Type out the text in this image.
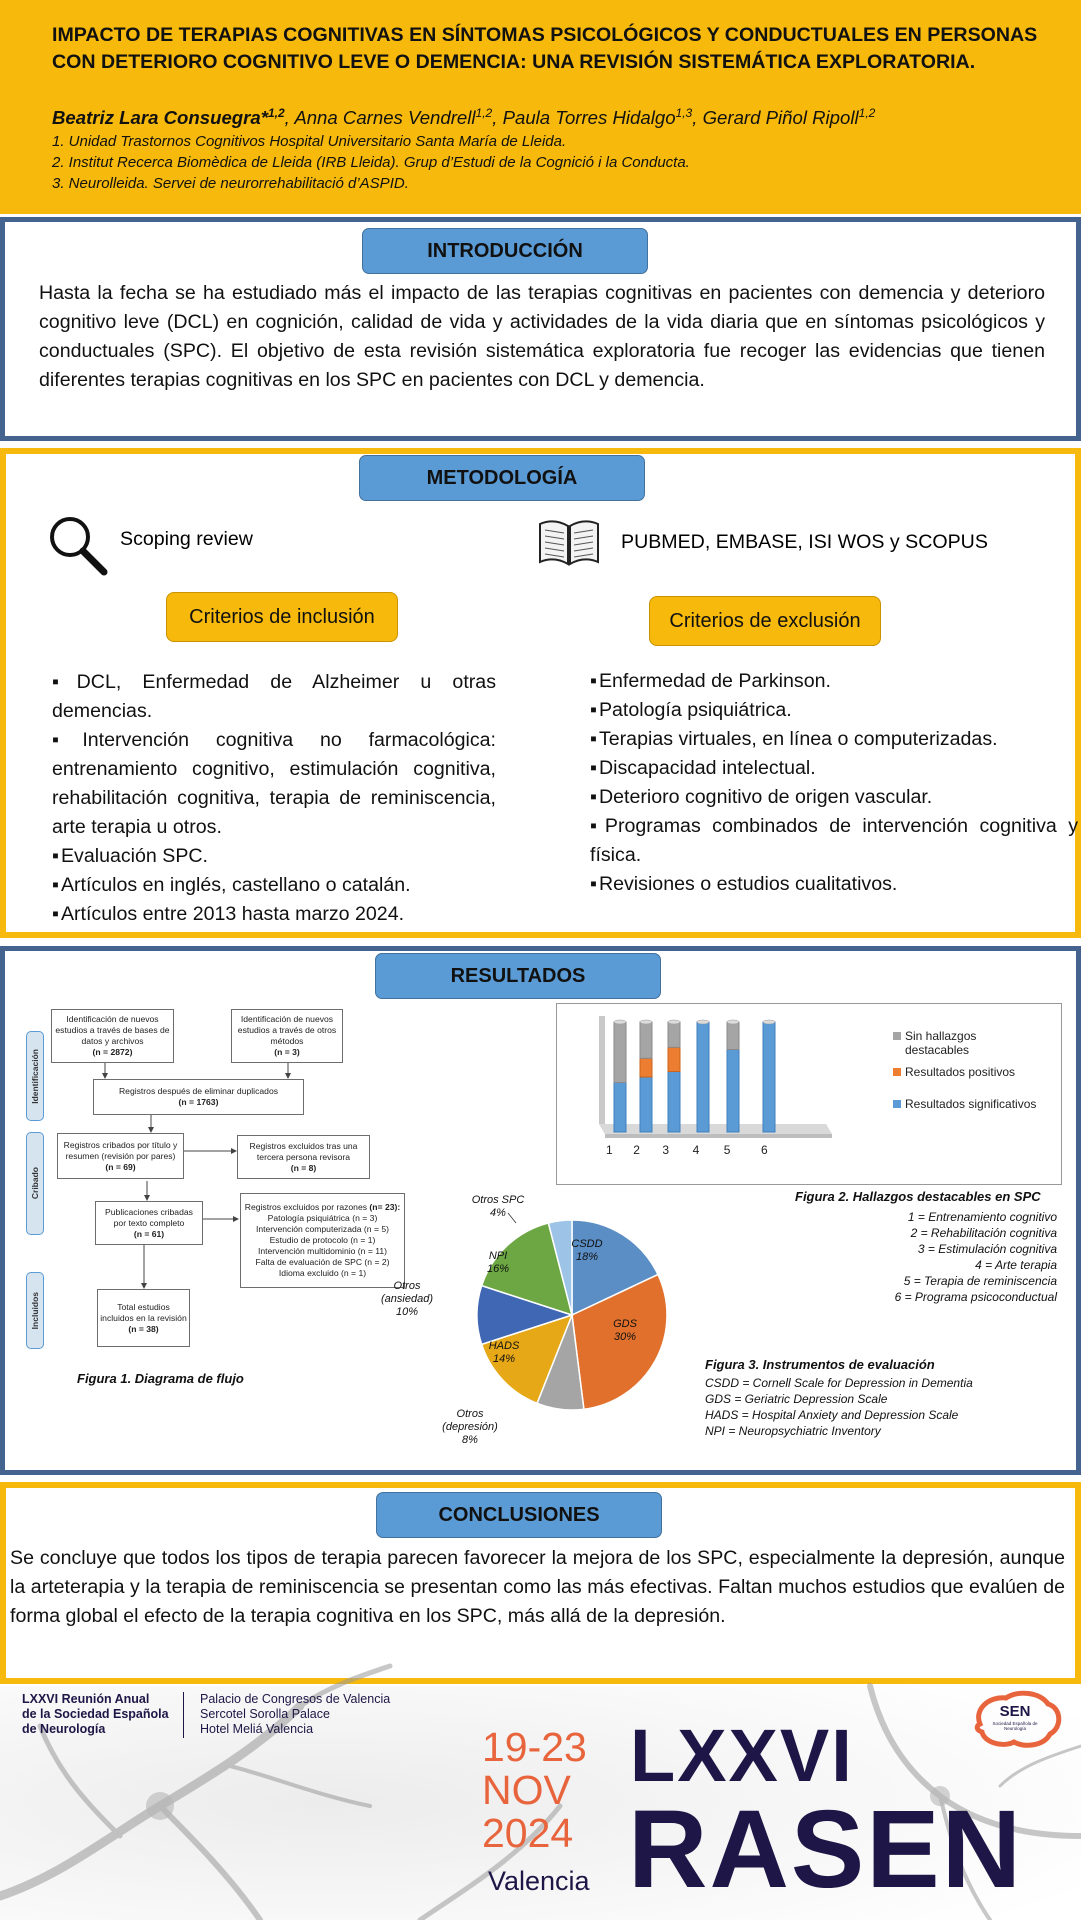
IMPACTO DE TERAPIAS COGNITIVAS EN SÍNTOMAS PSICOLÓGICOS Y CONDUCTUALES EN PERSONAS CON DETERIORO COGNITIVO LEVE O DEMENCIA: UNA REVISIÓN SISTEMÁTICA EXPLORATORIA.
Beatriz Lara Consuegra*$^{1,2}$, Anna Carnes Vendrell$^{1,2}$, Paula Torres Hidalgo$^{1,3}$, Gerard Piñol Ripoll$^{1,2}$
1. Unidad Trastornos Cognitivos Hospital Universitario Santa María de Lleida.
2. Institut Recerca Biomèdica de Lleida (IRB Lleida). Grup d’Estudi de la Cognició i la Conducta.
3. Neurolleida. Servei de neurorrehabilitació d’ASPID.
INTRODUCCIÓN
Hasta la fecha se ha estudiado más el impacto de las terapias cognitivas en pacientes con demencia y deterioro cognitivo leve (DCL) en cognición, calidad de vida y actividades de la vida diaria que en síntomas psicológicos y conductuales (SPC). El objetivo de esta revisión sistemática exploratoria fue recoger las evidencias que tienen diferentes terapias cognitivas en los SPC en pacientes con DCL y demencia.
METODOLOGÍA
Scoping review	PUBMED, EMBASE, ISI WOS y SCOPUS
Criterios de inclusión	Criterios de exclusión
▪ DCL, Enfermedad de Alzheimer u otras demencias.
▪ Intervención cognitiva no farmacológica: entrenamiento cognitivo, estimulación cognitiva, rehabilitación cognitiva, terapia de reminiscencia, arte terapia u otros.
▪ Evaluación SPC.
▪ Artículos en inglés, castellano o catalán.
▪ Artículos entre 2013 hasta marzo 2024.
▪ Enfermedad de Parkinson.
▪ Patología psiquiátrica.
▪ Terapias virtuales, en línea o computerizadas.
▪ Discapacidad intelectual.
▪ Deterioro cognitivo de origen vascular.
▪ Programas combinados de intervención cognitiva y física.
▪ Revisiones o estudios cualitativos.
RESULTADOS
Identificación
Cribado
Incluidos
Identificación de nuevos estudios a través de bases de datos y archivos
(n = 2872)
Identificación de nuevos estudios a través de otros métodos
(n = 3)
Registros después de eliminar duplicados
(n = 1763)
Registros cribados por título y resumen (revisión por pares)
(n = 69)
Registros excluidos tras una tercera persona revisora
(n = 8)
Publicaciones cribadas por texto completo
(n = 61)
Registros excluidos por razones (n= 23):
Patología psiquiátrica (n = 3)
Intervención computerizada (n = 5)
Estudio de protocolo (n = 1)
Intervención multidominio (n = 11)
Falta de evaluación de SPC (n = 2)
Idioma excluido (n = 1)
Total estudios incluidos en la revisión
(n = 38)
Figura 1. Diagrama de flujo
1 2 3 4 5	6
Sin hallazgos
destacables
Resultados positivos
Resultados significativos
Figura 2. Hallazgos destacables en SPC
1 = Entrenamiento cognitivo
2 = Rehabilitación cognitiva
3 = Estimulación cognitiva
4 = Arte terapia
5 = Terapia de reminiscencia
6 = Programa psicoconductual
CSDD
18%
GDS
30%
Otros
(depresión)
8%
HADS
14%
Otros
(ansiedad)
10%
NPI
16%
Otros SPC
4%
Figura 3. Instrumentos de evaluación
CSDD = Cornell Scale for Depression in Dementia
GDS = Geriatric Depression Scale
HADS = Hospital Anxiety and Depression Scale
NPI = Neuropsychiatric Inventory
CONCLUSIONES
Se concluye que todos los tipos de terapia parecen favorecer la mejora de los SPC, especialmente la depresión, aunque la arteterapia y la terapia de reminiscencia se presentan como las más efectivas. Faltan muchos estudios que evalúen de forma global el efecto de la terapia cognitiva en los SPC, más allá de la depresión.
LXXVI Reunión Anual
de la Sociedad Española
de Neurología
Palacio de Congresos de Valencia
Sercotel Sorolla Palace
Hotel Meliá Valencia	19-23
NOV
2024
Valencia
LXXVI
RASEN
SEN
Sociedad Española de Neurología
